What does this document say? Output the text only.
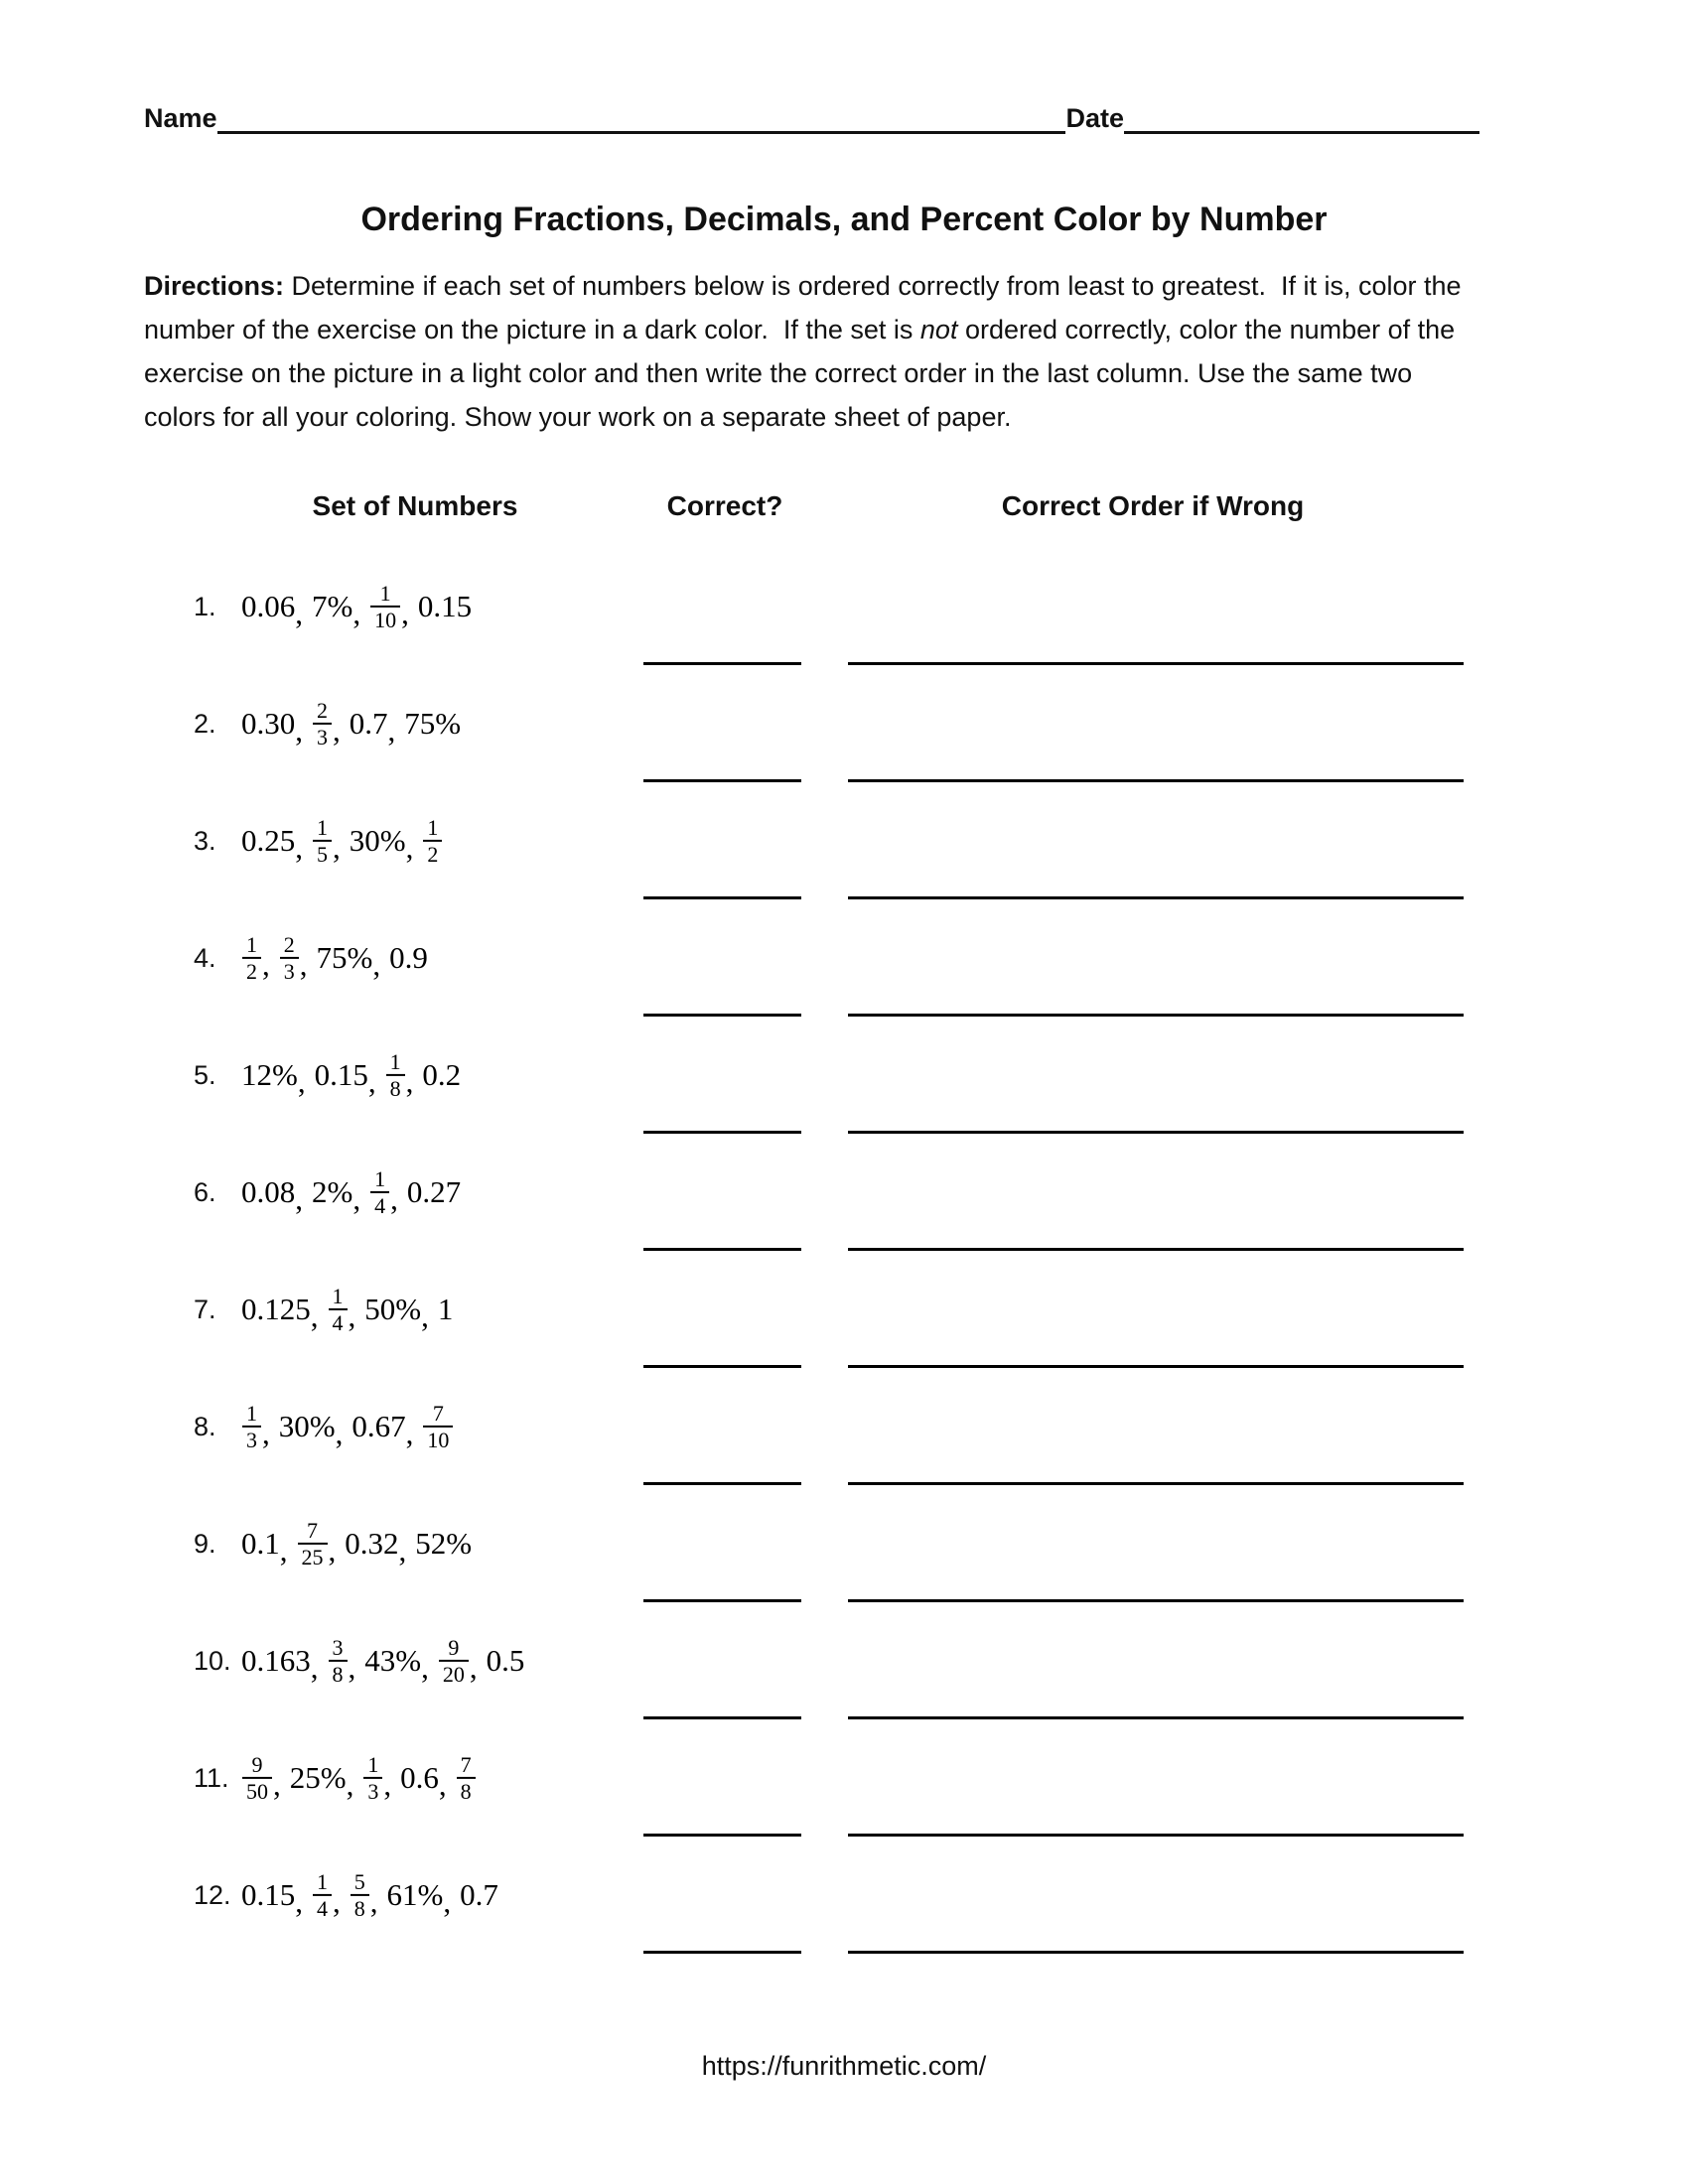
Name	Date
Ordering Fractions, Decimals, and Percent Color by Number

Directions: Determine if each set of numbers below is ordered correctly from least to greatest.  If it is, color the number of the exercise on the picture in a dark color.  If the set is not ordered correctly, color the number of the exercise on the picture in a light color and then write the correct order in the last column. Use the same two colors for all your coloring. Show your work on a separate sheet of paper.

Set of Numbers	Correct?	Correct Order if Wrong
1. 0.06 , 7% , $\frac{1}{10}$ , 0.15
2. 0.30 , $\frac{2}{3}$ , 0.7 , 75%
3. 0.25 , $\frac{1}{5}$ , 30% , $\frac{1}{2}$
4.	$\frac{1}{2}$ , $\frac{2}{3}$ , 75% , 0.9
5. 12% , 0.15 , $\frac{1}{8}$ , 0.2
6. 0.08 , 2% , $\frac{1}{4}$ , 0.27
7. 0.125 , $\frac{1}{4}$ , 50% , 1
8.	$\frac{1}{3}$ , 30% , 0.67 , $\frac{7}{10}$
9. 0.1 , $\frac{7}{25}$ , 0.32 , 52%
10. 0.163 , $\frac{3}{8}$ , 43% , $\frac{9}{20}$ , 0.5
11. $\frac{9}{50}$ , 25% , $\frac{1}{3}$ , 0.6 , $\frac{7}{8}$
12. 0.15 , $\frac{1}{4}$ , $\frac{5}{8}$ , 61% , 0.7
https://funrithmetic.com/
